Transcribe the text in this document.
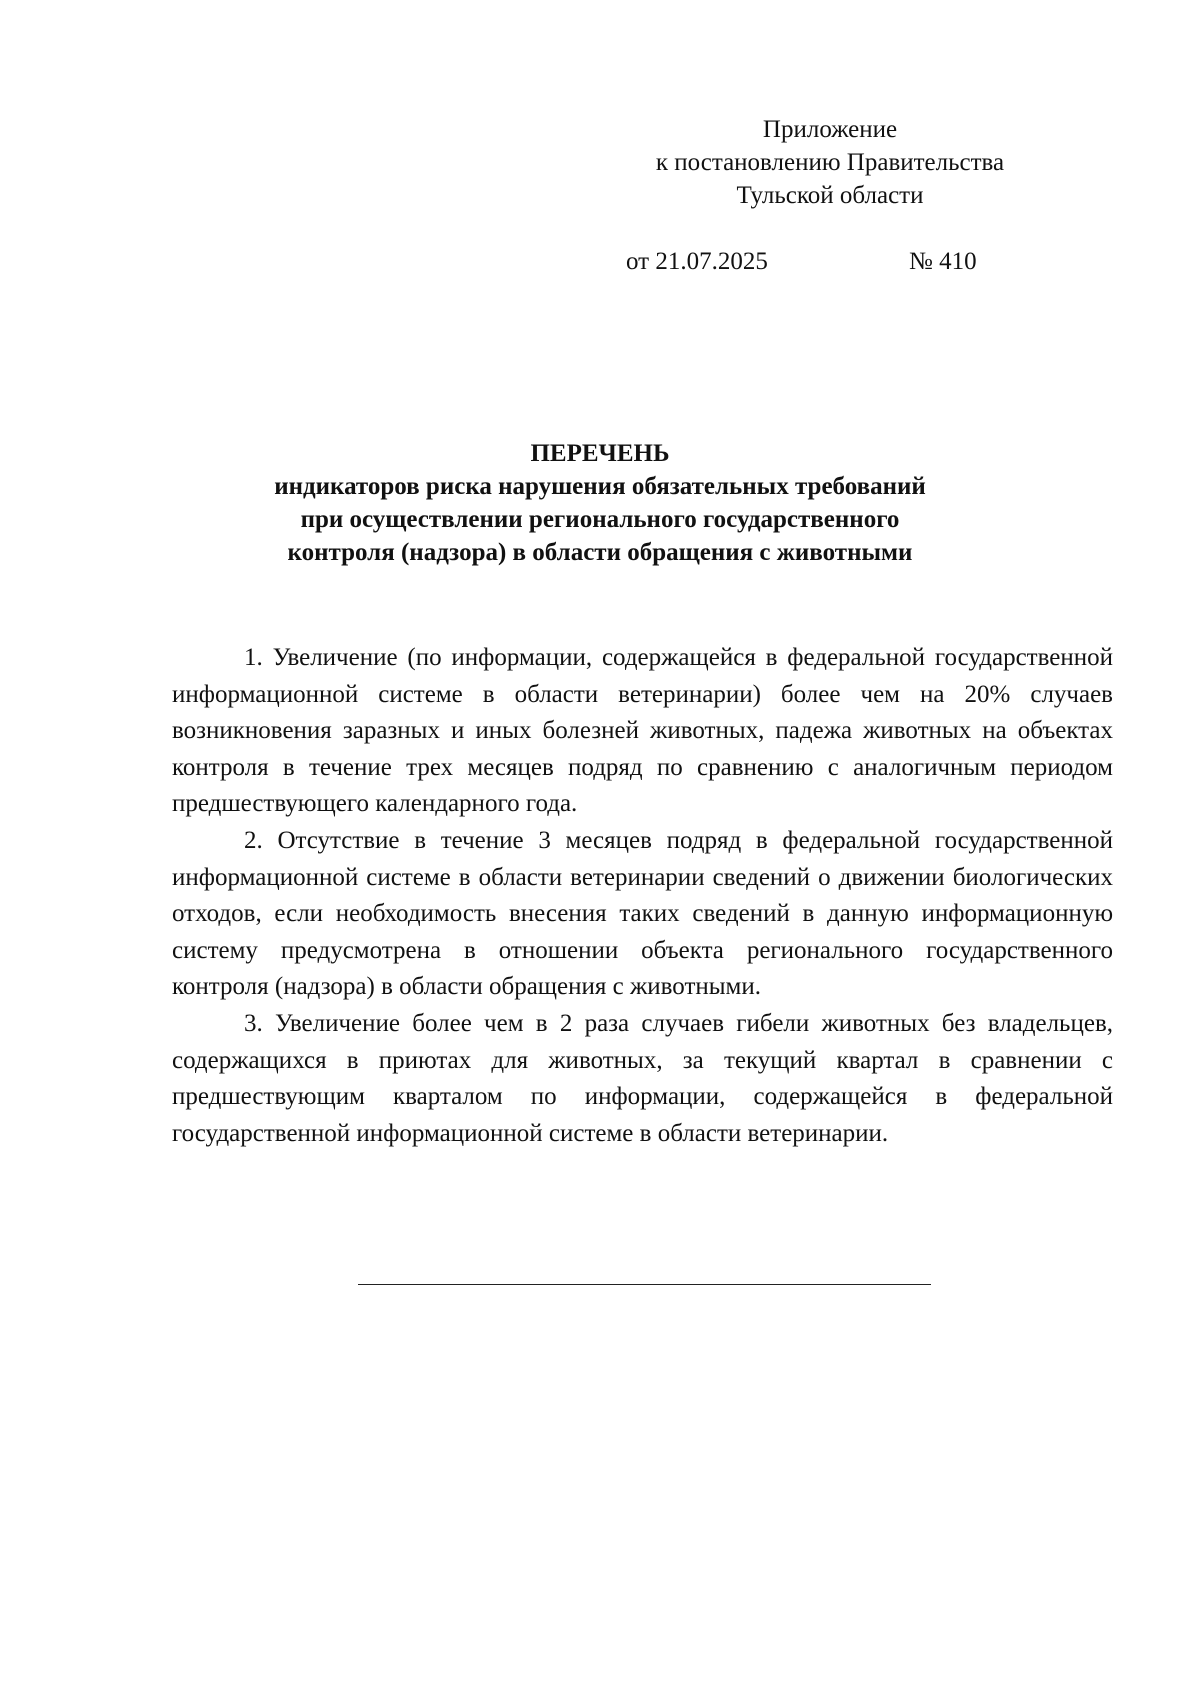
Приложение
к постановлению Правительства
Тульской области
от 21.07.2025	№ 410
ПЕРЕЧЕНЬ
индикаторов риска нарушения обязательных требований
при осуществлении регионального государственного
контроля (надзора) в области обращения с животными

1. Увеличение (по информации, содержащейся в федеральной государственной информационной системе в области ветеринарии) более чем на 20% случаев возникновения заразных и иных болезней животных, падежа животных на объектах контроля в течение трех месяцев подряд по сравнению с аналогичным периодом предшествующего календарного года.

2. Отсутствие в течение 3 месяцев подряд в федеральной государственной информационной системе в области ветеринарии сведений о движении биологических отходов, если необходимость внесения таких сведений в данную информационную систему предусмотрена в отношении объекта регионального государственного контроля (надзора) в области обращения с животными.

3. Увеличение более чем в 2 раза случаев гибели животных без владельцев, содержащихся в приютах для животных, за текущий квартал в сравнении с предшествующим кварталом по информации, содержащейся в федеральной государственной информационной системе в области ветеринарии.
